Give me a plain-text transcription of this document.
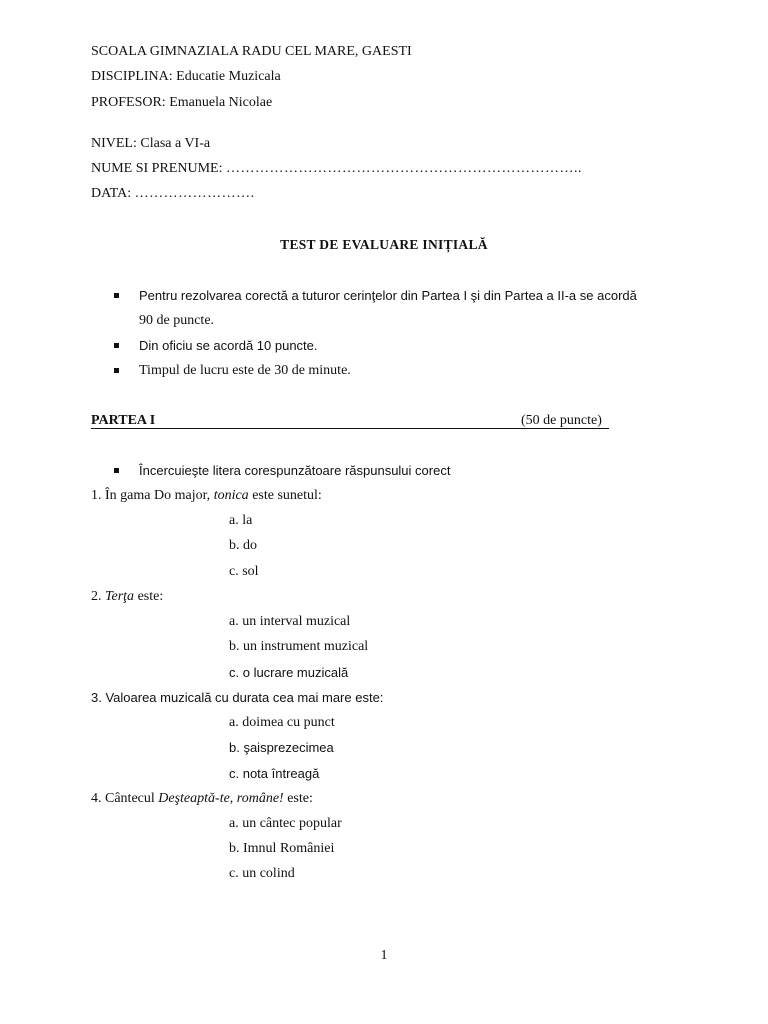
SCOALA GIMNAZIALA RADU CEL MARE, GAESTI
DISCIPLINA: Educatie Muzicala
PROFESOR: Emanuela Nicolae
NIVEL: Clasa a VI-a
NUME SI PRENUME: ………………………………………………………………..
DATA: …………………….
TEST DE EVALUARE INIȚIALĂ
Pentru rezolvarea corectă a tuturor cerinţelor din Partea I şi din Partea a II-a se acordă
90 de puncte.
Din oficiu se acordă 10 puncte.
Timpul de lucru este de 30 de minute.
PARTEA I	(50 de puncte)
Încercuieşte litera corespunzătoare răspunsului corect
1. În gama Do major, tonica este sunetul:
a. la
b. do
c. sol
2. Terţa este:
a. un interval muzical
b. un instrument muzical
c. o lucrare muzicală
3. Valoarea muzicală cu durata cea mai mare este:
a. doimea cu punct
b. şaisprezecimea
c. nota întreagă
4. Cântecul Deşteaptă-te, române! este:
a. un cântec popular
b. Imnul României
c. un colind
1
